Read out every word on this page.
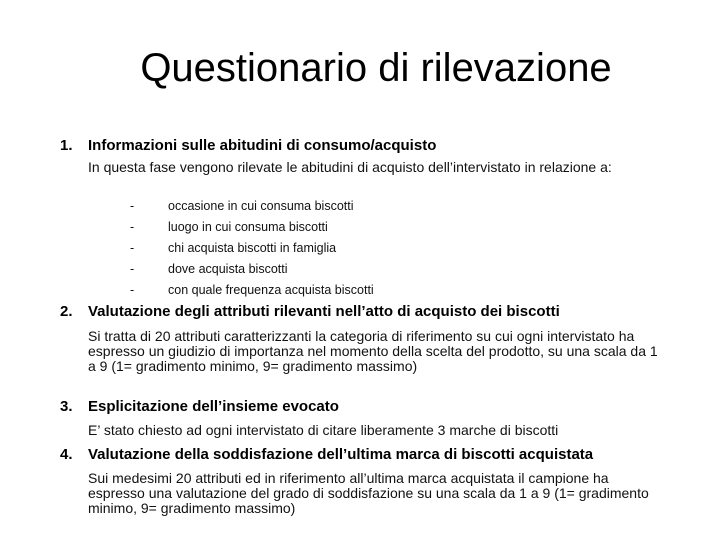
Questionario di rilevazione
1. Informazioni sulle abitudini di consumo/acquisto
In questa fase vengono rilevate le abitudini di acquisto dell’intervistato in relazione a:
-	occasione in cui consuma biscotti
-	luogo in cui consuma biscotti
-	chi acquista biscotti in famiglia
-	dove acquista biscotti
-	con quale frequenza acquista biscotti
2. Valutazione degli attributi rilevanti nell’atto di acquisto dei biscotti
Si tratta di 20 attributi caratterizzanti la categoria di riferimento su cui ogni intervistato ha espresso un giudizio di importanza nel momento della scelta del prodotto, su una scala da 1 a 9 (1= gradimento minimo, 9= gradimento massimo)
3. Esplicitazione dell’insieme evocato
E’ stato chiesto ad ogni intervistato di citare liberamente 3 marche di biscotti
4. Valutazione della soddisfazione dell’ultima marca di biscotti acquistata
Sui medesimi 20 attributi ed in riferimento all’ultima marca acquistata il campione ha espresso una valutazione del grado di soddisfazione su una scala da 1 a 9 (1= gradimento minimo, 9= gradimento massimo)
